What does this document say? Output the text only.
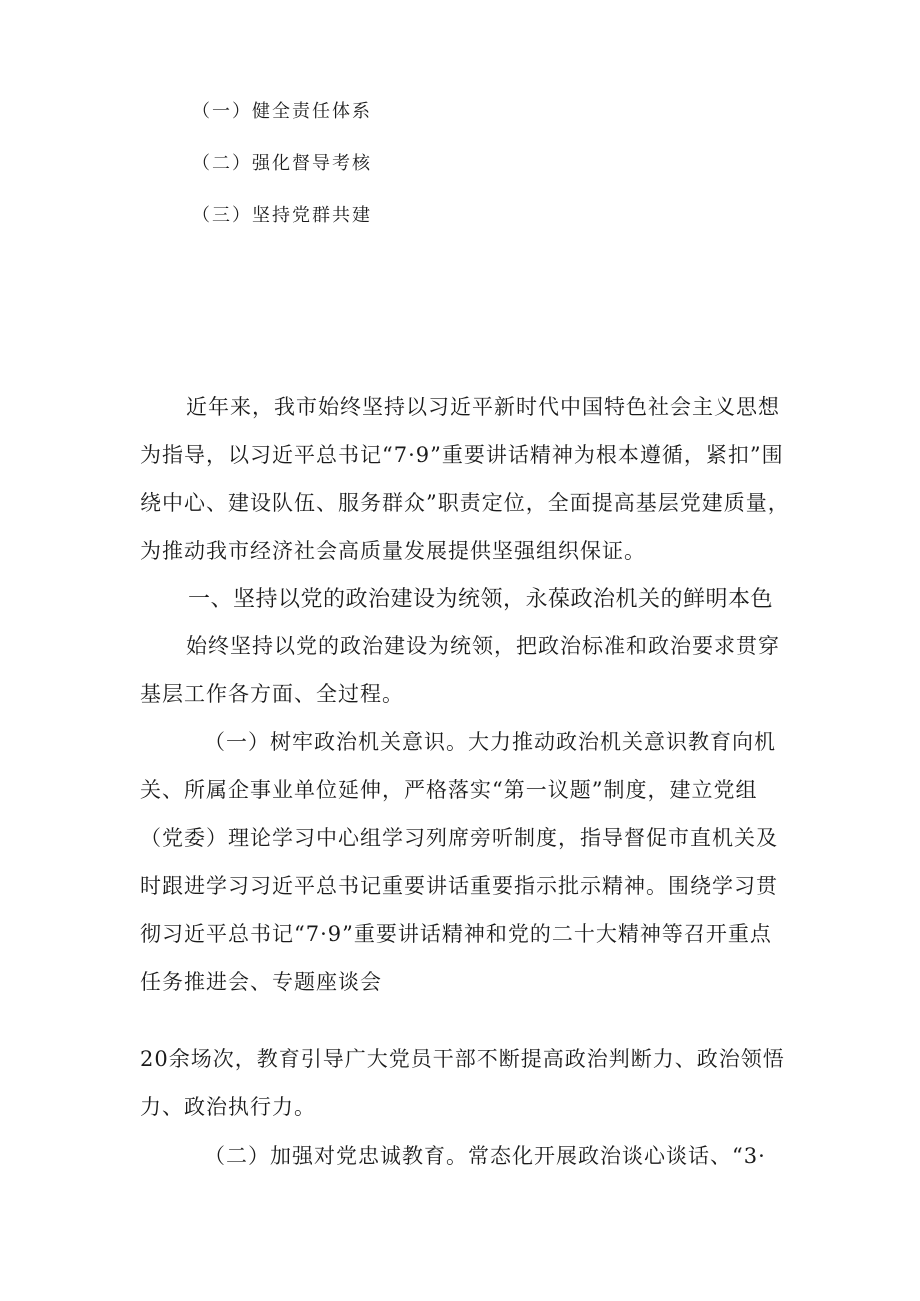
（一）健全责任体系
（二）强化督导考核
（三）坚持党群共建

近年来，我市始终坚持以习近平新时代中国特色社会主义思想为指导，以习近平总书记“7·9”重要讲话精神为根本遵循，紧扣”围绕中心、建设队伍、服务群众”职责定位，全面提高基层党建质量，为推动我市经济社会高质量发展提供坚强组织保证。

一、坚持以党的政治建设为统领，永葆政治机关的鲜明本色

始终坚持以党的政治建设为统领，把政治标准和政治要求贯穿基层工作各方面、全过程。

（一）树牢政治机关意识。大力推动政治机关意识教育向机关、所属企事业单位延伸，严格落实“第一议题”制度，建立党组（党委）理论学习中心组学习列席旁听制度，指导督促市直机关及时跟进学习习近平总书记重要讲话重要指示批示精神。围绕学习贯彻习近平总书记“7·9”重要讲话精神和党的二十大精神等召开重点任务推进会、专题座谈会

20余场次，教育引导广大党员干部不断提高政治判断力、政治领悟力、政治执行力。

（二）加强对党忠诚教育。常态化开展政治谈心谈话、“3·
